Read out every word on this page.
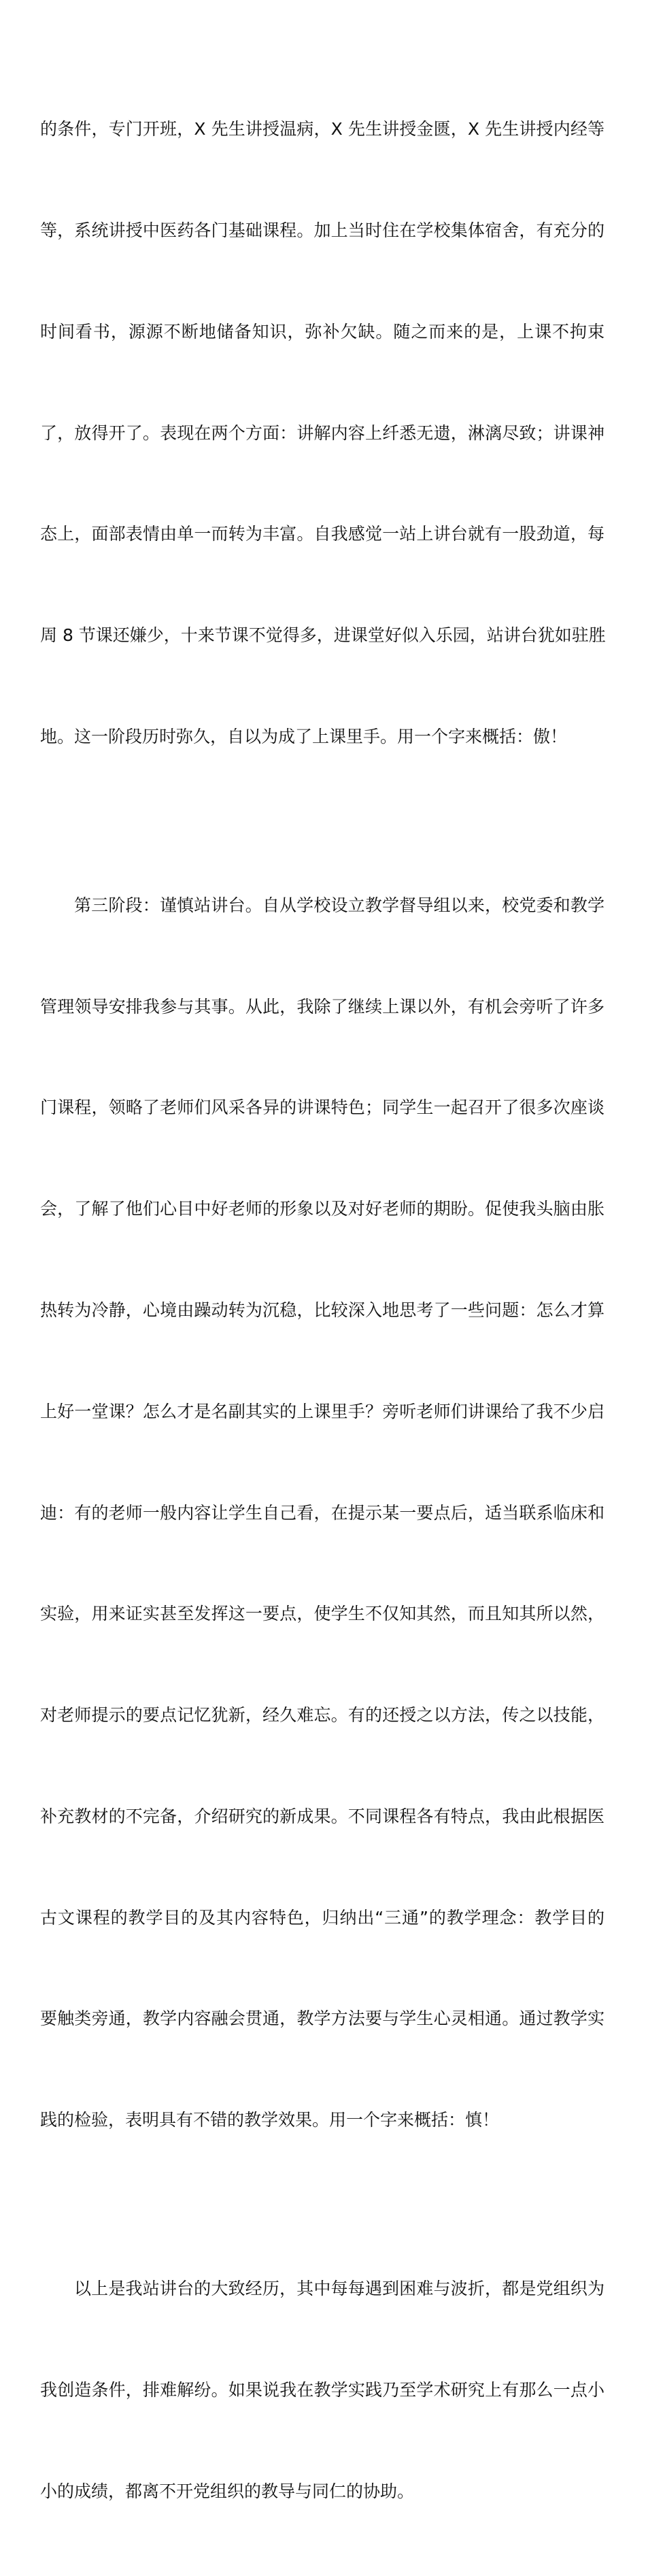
的条件，专门开班，X 先生讲授温病，X 先生讲授金匮，X 先生讲授内经等

等，系统讲授中医药各门基础课程。加上当时住在学校集体宿舍，有充分的

时间看书，源源不断地储备知识，弥补欠缺。随之而来的是，上课不拘束

了，放得开了。表现在两个方面：讲解内容上纤悉无遗，淋漓尽致；讲课神

态上，面部表情由单一而转为丰富。自我感觉一站上讲台就有一股劲道，每

周 8 节课还嫌少，十来节课不觉得多，进课堂好似入乐园，站讲台犹如驻胜

地。这一阶段历时弥久，自以为成了上课里手。用一个字来概括：傲！

第三阶段：谨慎站讲台。自从学校设立教学督导组以来，校党委和教学

管理领导安排我参与其事。从此，我除了继续上课以外，有机会旁听了许多

门课程，领略了老师们风采各异的讲课特色；同学生一起召开了很多次座谈

会，了解了他们心目中好老师的形象以及对好老师的期盼。促使我头脑由胀

热转为冷静，心境由躁动转为沉稳，比较深入地思考了一些问题：怎么才算

上好一堂课？怎么才是名副其实的上课里手？旁听老师们讲课给了我不少启

迪：有的老师一般内容让学生自己看，在提示某一要点后，适当联系临床和

实验，用来证实甚至发挥这一要点，使学生不仅知其然，而且知其所以然，

对老师提示的要点记忆犹新，经久难忘。有的还授之以方法，传之以技能，

补充教材的不完备，介绍研究的新成果。不同课程各有特点，我由此根据医

古文课程的教学目的及其内容特色，归纳出“三通”的教学理念：教学目的

要触类旁通，教学内容融会贯通，教学方法要与学生心灵相通。通过教学实

践的检验，表明具有不错的教学效果。用一个字来概括：慎！

以上是我站讲台的大致经历，其中每每遇到困难与波折，都是党组织为

我创造条件，排难解纷。如果说我在教学实践乃至学术研究上有那么一点小

小的成绩，都离不开党组织的教导与同仁的协助。
